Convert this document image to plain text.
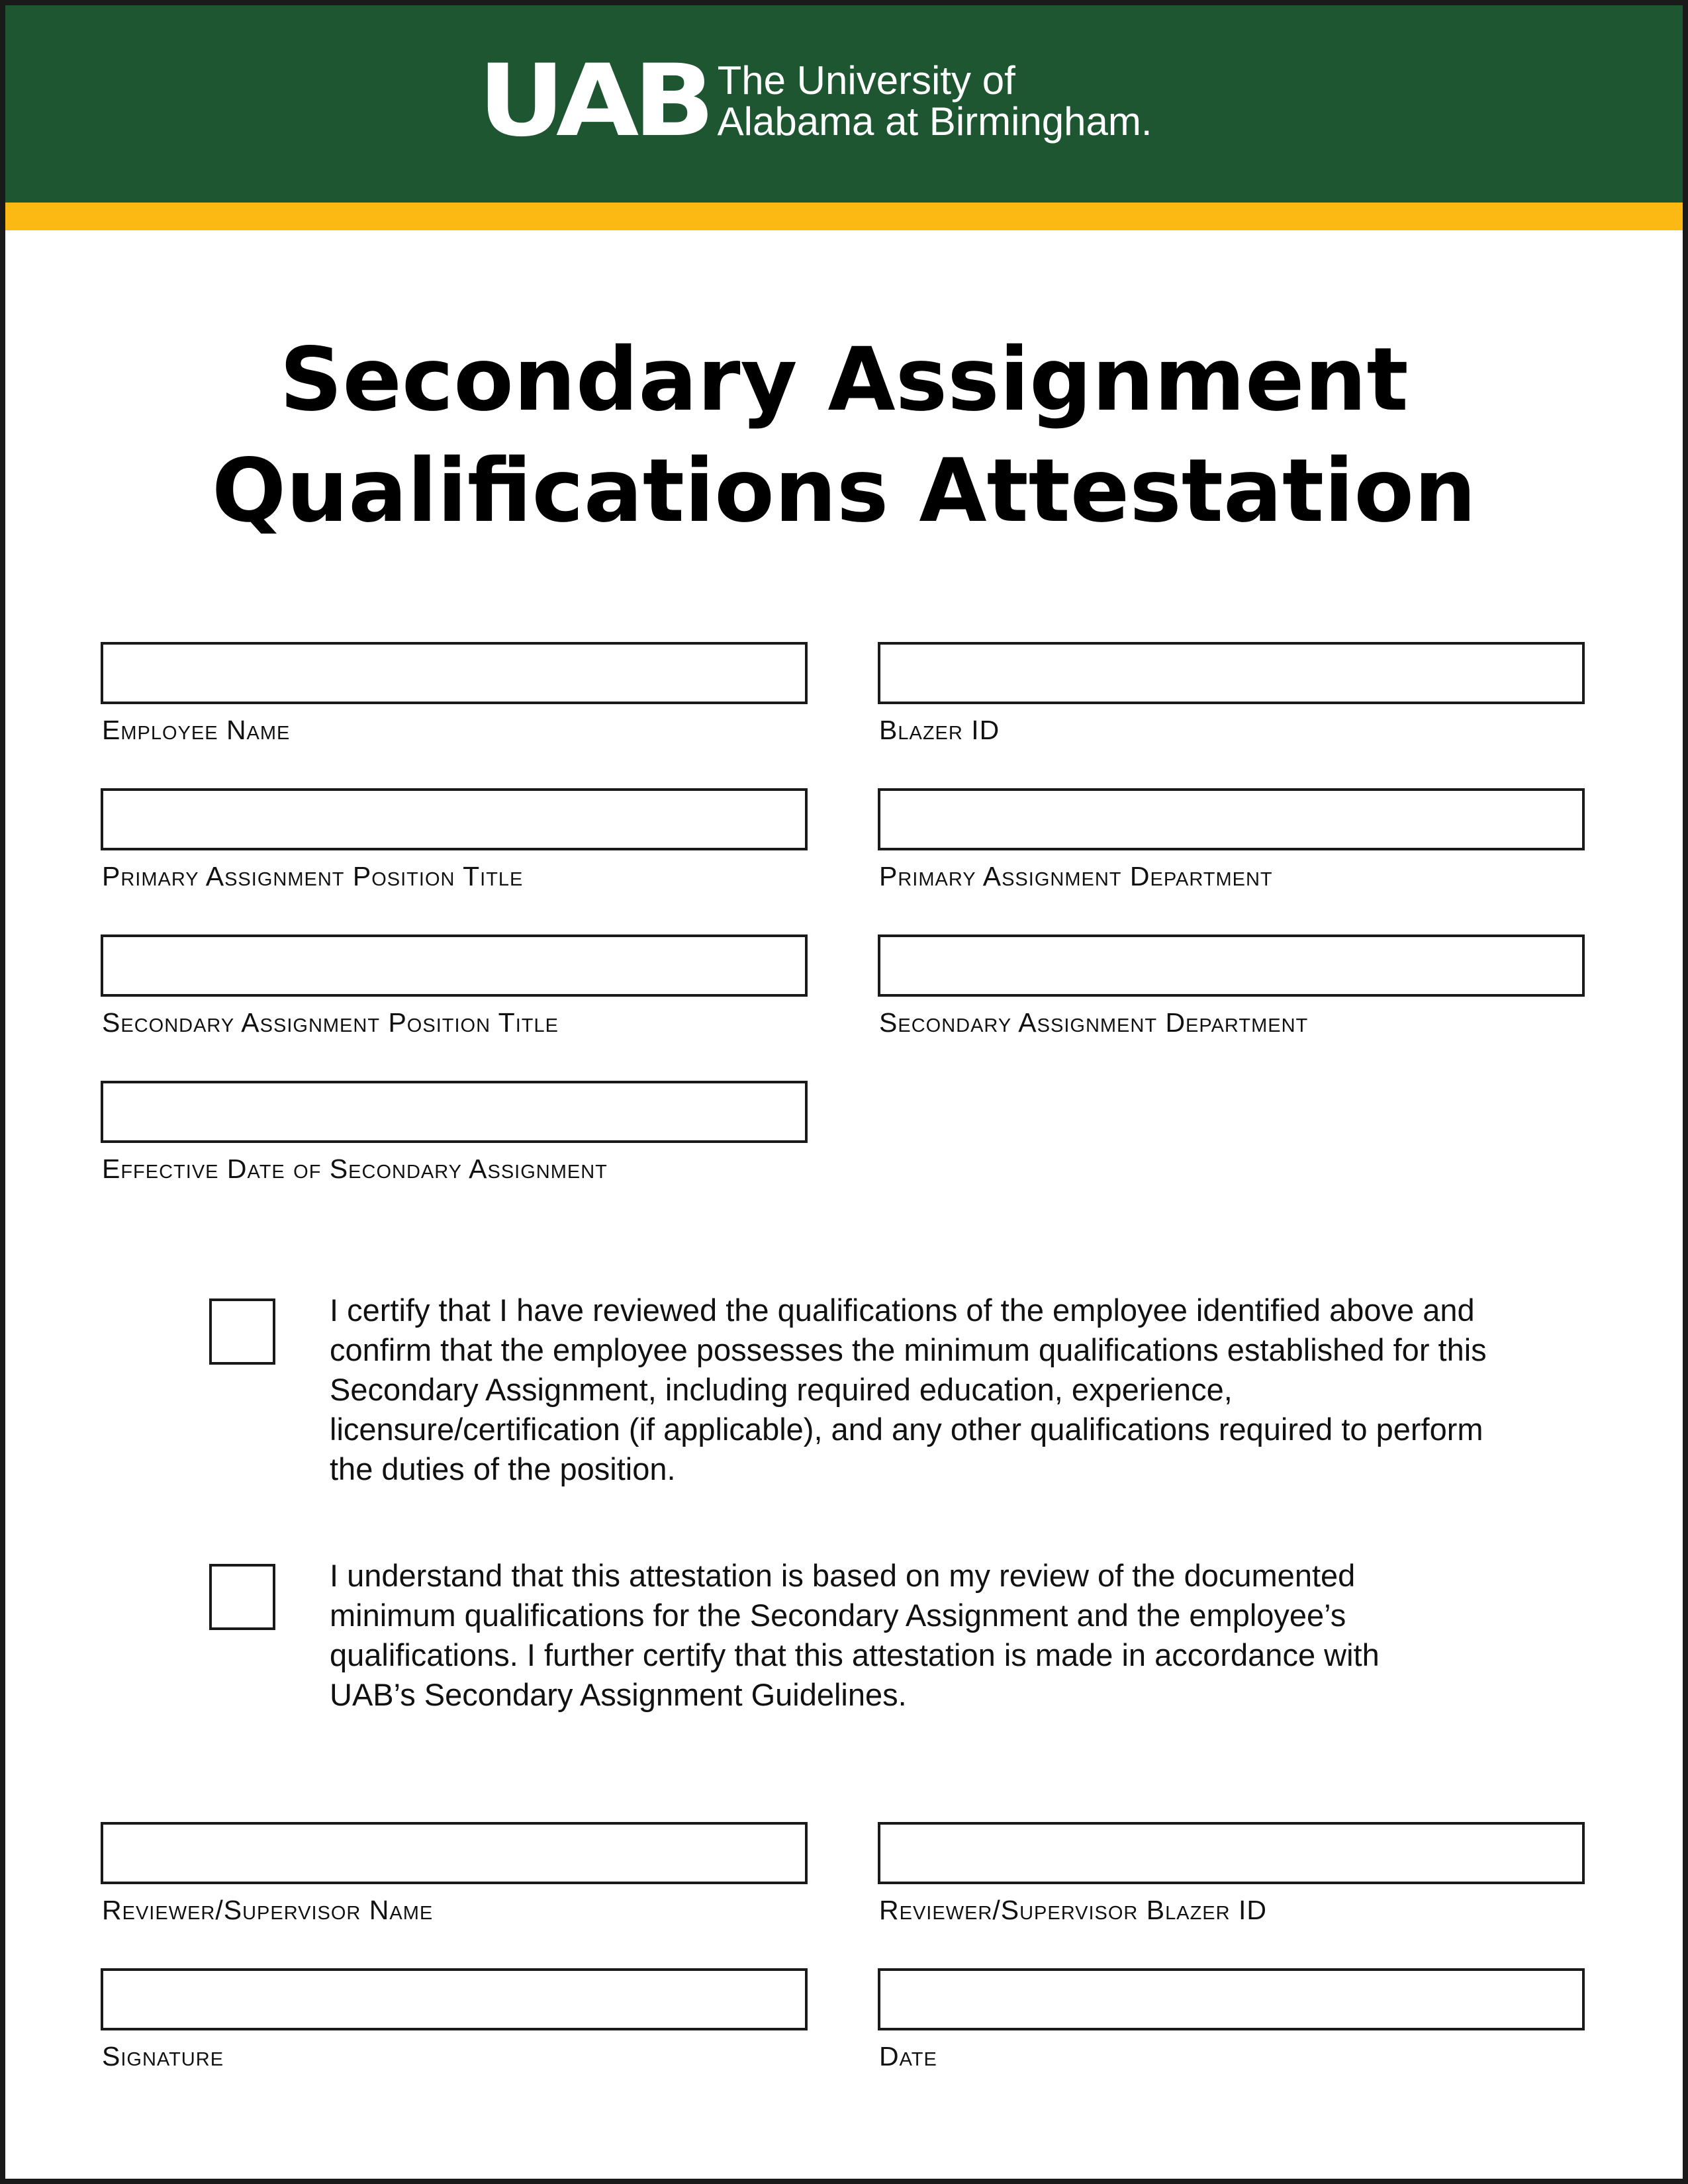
UAB The University of
Alabama at Birmingham.
Secondary Assignment
Qualifications Attestation
Employee Name	Blazer ID
Primary Assignment Position Title	Primary Assignment Department
Secondary Assignment Position Title	Secondary Assignment Department
Effective Date of Secondary Assignment
I certify that I have reviewed the qualifications of the employee identified above and confirm that the employee possesses the minimum qualifications established for this Secondary Assignment, including required education, experience, licensure/certification (if applicable), and any other qualifications required to perform the duties of the position.
I understand that this attestation is based on my review of the documented minimum qualifications for the Secondary Assignment and the employee’s qualifications. I further certify that this attestation is made in accordance with UAB’s Secondary Assignment Guidelines.
Reviewer/Supervisor Name	Reviewer/Supervisor Blazer ID
Signature	Date
